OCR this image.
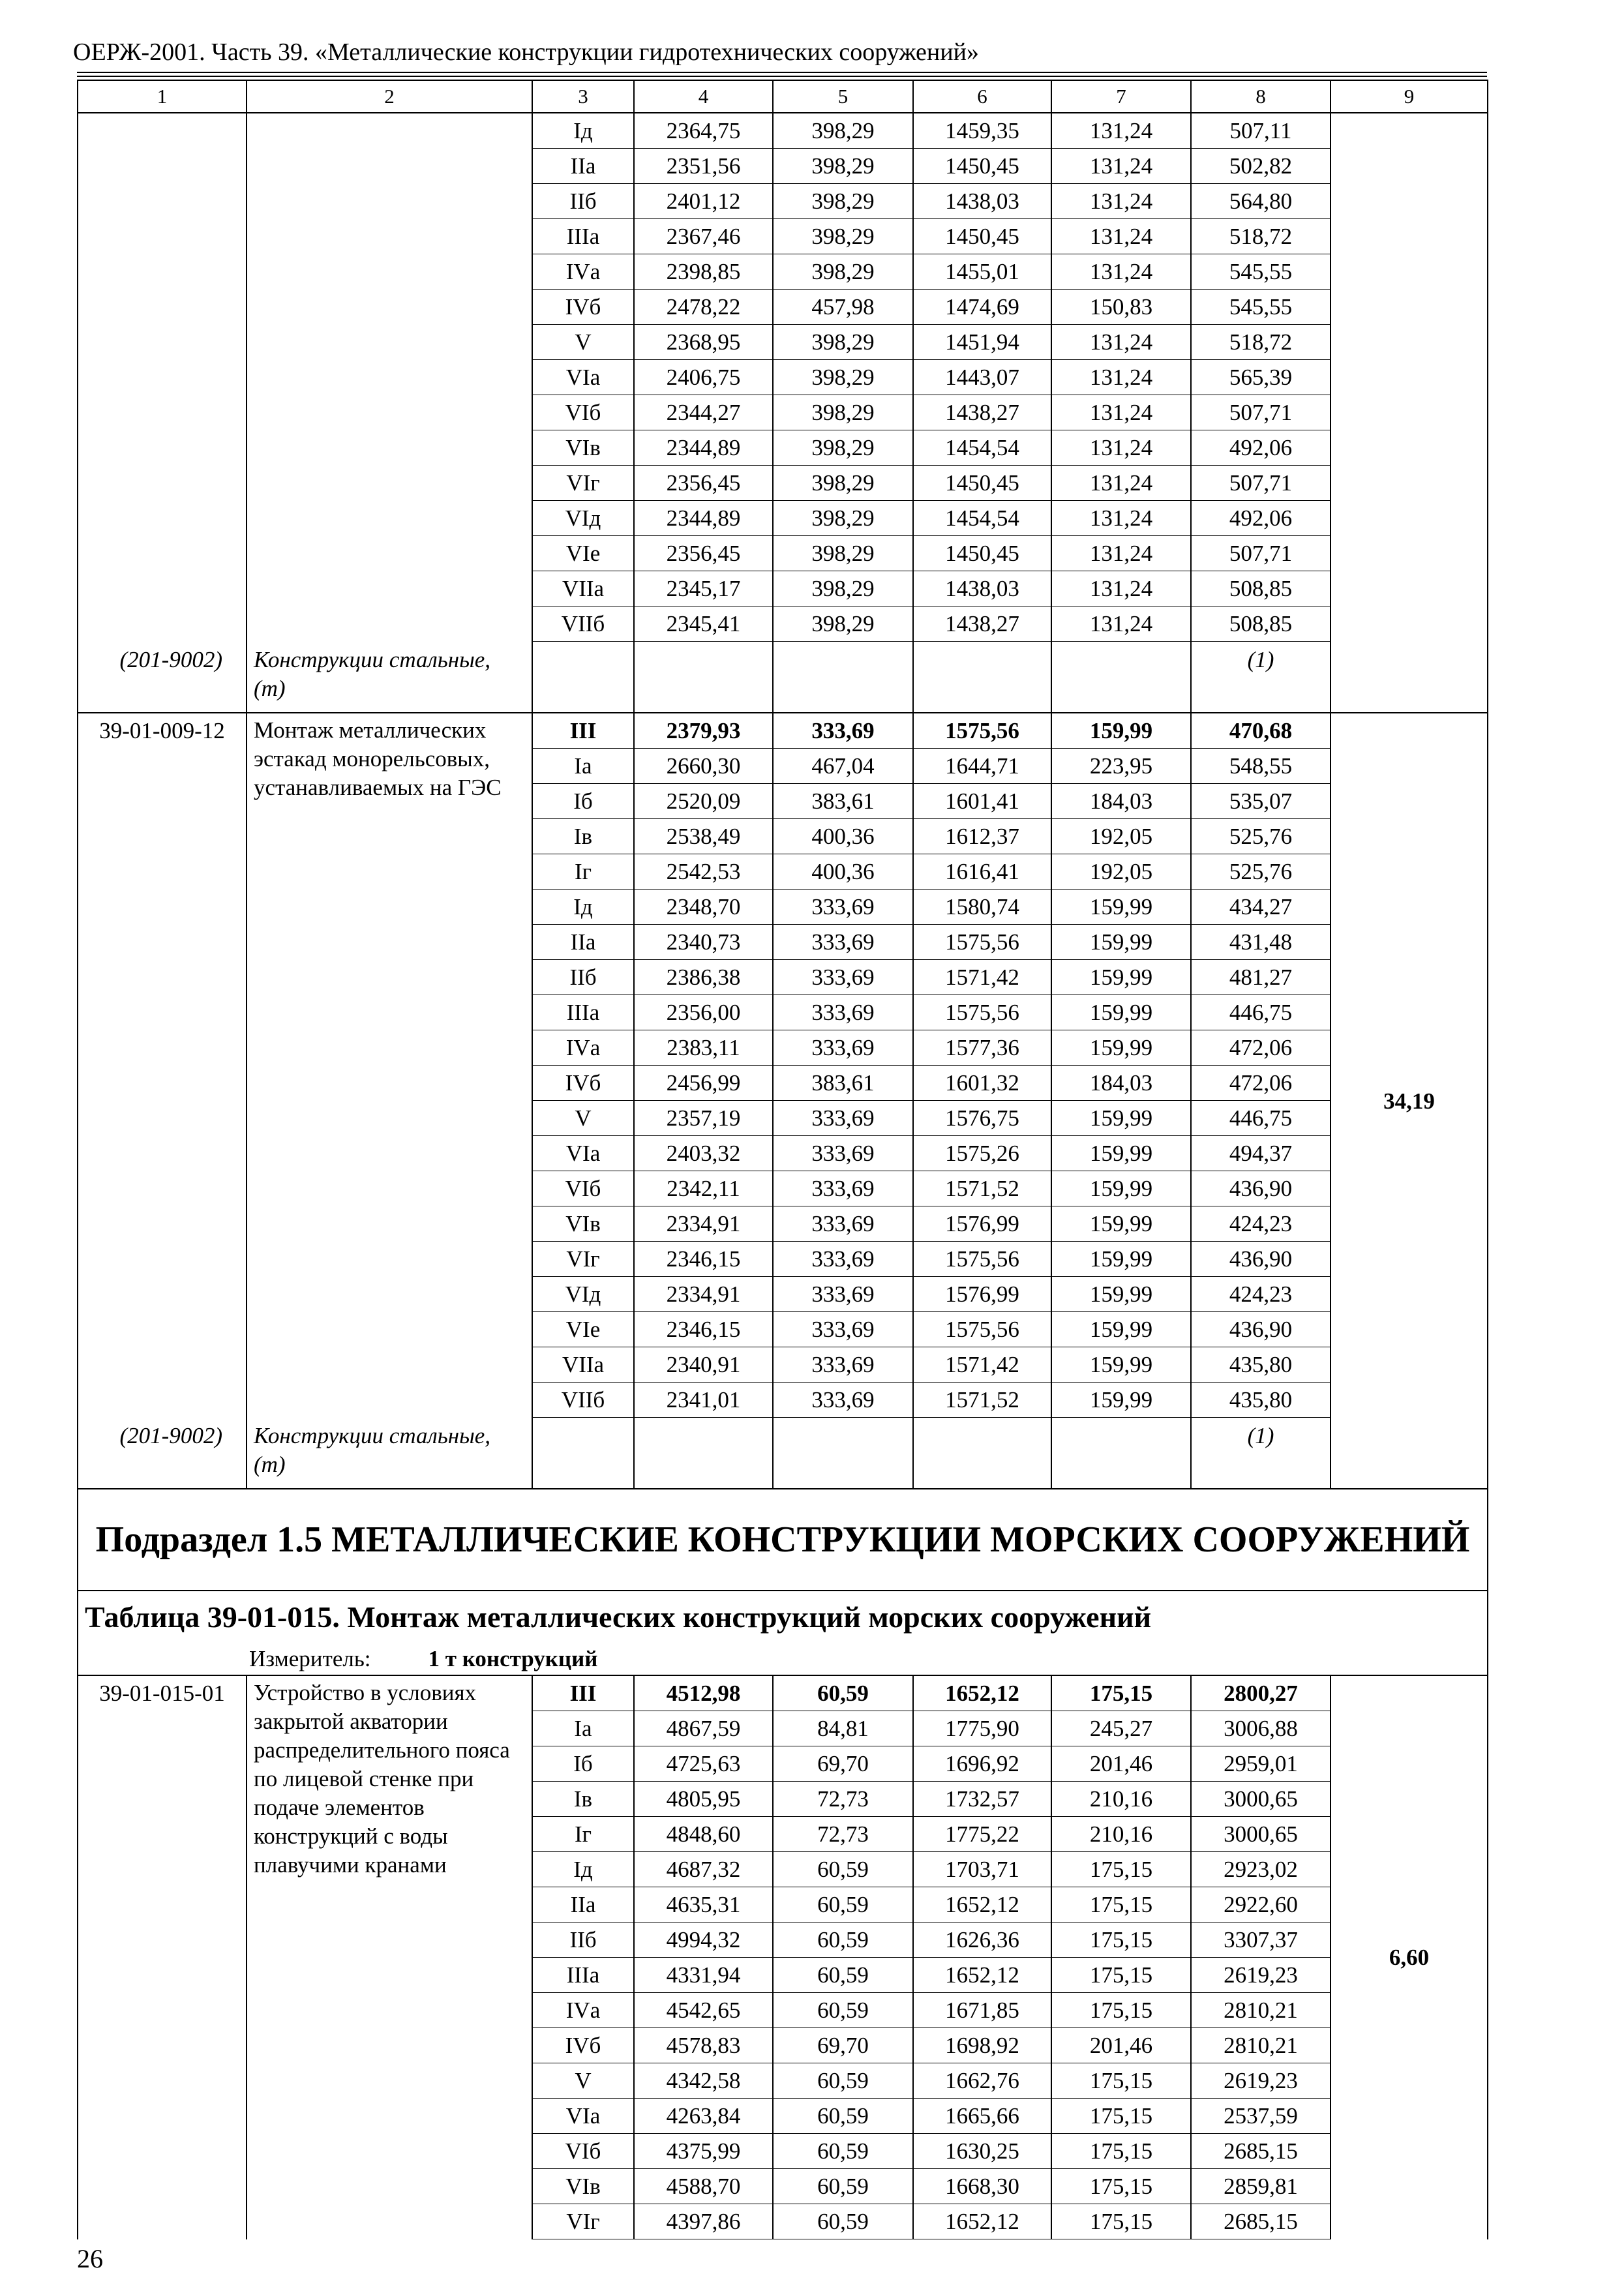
ОЕРЖ-2001. Часть 39. «Металлические конструкции гидротехнических сооружений»
1	2	3	4	5	6	7	8	9
		Iд	2364,75	398,29	1459,35	131,24	507,11	
		IIа	2351,56	398,29	1450,45	131,24	502,82	
		IIб	2401,12	398,29	1438,03	131,24	564,80	
		IIIа	2367,46	398,29	1450,45	131,24	518,72	
		IVа	2398,85	398,29	1455,01	131,24	545,55	
		IVб	2478,22	457,98	1474,69	150,83	545,55	
		V	2368,95	398,29	1451,94	131,24	518,72	
		VIа	2406,75	398,29	1443,07	131,24	565,39	
		VIб	2344,27	398,29	1438,27	131,24	507,71	
		VIв	2344,89	398,29	1454,54	131,24	492,06	
		VIг	2356,45	398,29	1450,45	131,24	507,71	
		VIд	2344,89	398,29	1454,54	131,24	492,06	
		VIе	2356,45	398,29	1450,45	131,24	507,71	
		VIIа	2345,17	398,29	1438,03	131,24	508,85	
		VIIб	2345,41	398,29	1438,27	131,24	508,85	
(201-9002)	Конструкции стальные, (т)						(1)	
39-01-009-12	Монтаж металлических эстакад монорельсовых, устанавливаемых на ГЭС	III	2379,93	333,69	1575,56	159,99	470,68	34,19
		Iа	2660,30	467,04	1644,71	223,95	548,55	
		Iб	2520,09	383,61	1601,41	184,03	535,07	
		Iв	2538,49	400,36	1612,37	192,05	525,76	
		Iг	2542,53	400,36	1616,41	192,05	525,76	
		Iд	2348,70	333,69	1580,74	159,99	434,27	
		IIа	2340,73	333,69	1575,56	159,99	431,48	
		IIб	2386,38	333,69	1571,42	159,99	481,27	
		IIIа	2356,00	333,69	1575,56	159,99	446,75	
		IVа	2383,11	333,69	1577,36	159,99	472,06	
		IVб	2456,99	383,61	1601,32	184,03	472,06	
		V	2357,19	333,69	1576,75	159,99	446,75	
		VIа	2403,32	333,69	1575,26	159,99	494,37	
		VIб	2342,11	333,69	1571,52	159,99	436,90	
		VIв	2334,91	333,69	1576,99	159,99	424,23	
		VIг	2346,15	333,69	1575,56	159,99	436,90	
		VIд	2334,91	333,69	1576,99	159,99	424,23	
		VIе	2346,15	333,69	1575,56	159,99	436,90	
		VIIа	2340,91	333,69	1571,42	159,99	435,80	
		VIIб	2341,01	333,69	1571,52	159,99	435,80	
(201-9002)	Конструкции стальные, (т)						(1)	
Подраздел 1.5 МЕТАЛЛИЧЕСКИЕ КОНСТРУКЦИИ МОРСКИХ СООРУЖЕНИЙ								
Таблица 39-01-015. Монтаж металлических конструкций морских сооружений								
Измеритель: 1 т конструкций								
39-01-015-01	Устройство в условиях закрытой акватории распределительного пояса по лицевой стенке при подаче элементов конструкций с воды плавучими кранами	III	4512,98	60,59	1652,12	175,15	2800,27	6,60
		Iа	4867,59	84,81	1775,90	245,27	3006,88	
		Iб	4725,63	69,70	1696,92	201,46	2959,01	
		Iв	4805,95	72,73	1732,57	210,16	3000,65	
		Iг	4848,60	72,73	1775,22	210,16	3000,65	
		Iд	4687,32	60,59	1703,71	175,15	2923,02	
		IIа	4635,31	60,59	1652,12	175,15	2922,60	
		IIб	4994,32	60,59	1626,36	175,15	3307,37	
		IIIа	4331,94	60,59	1652,12	175,15	2619,23	
		IVа	4542,65	60,59	1671,85	175,15	2810,21	
		IVб	4578,83	69,70	1698,92	201,46	2810,21	
		V	4342,58	60,59	1662,76	175,15	2619,23	
		VIа	4263,84	60,59	1665,66	175,15	2537,59	
		VIб	4375,99	60,59	1630,25	175,15	2685,15	
		VIв	4588,70	60,59	1668,30	175,15	2859,81	
		VIг	4397,86	60,59	1652,12	175,15	2685,15	
26
